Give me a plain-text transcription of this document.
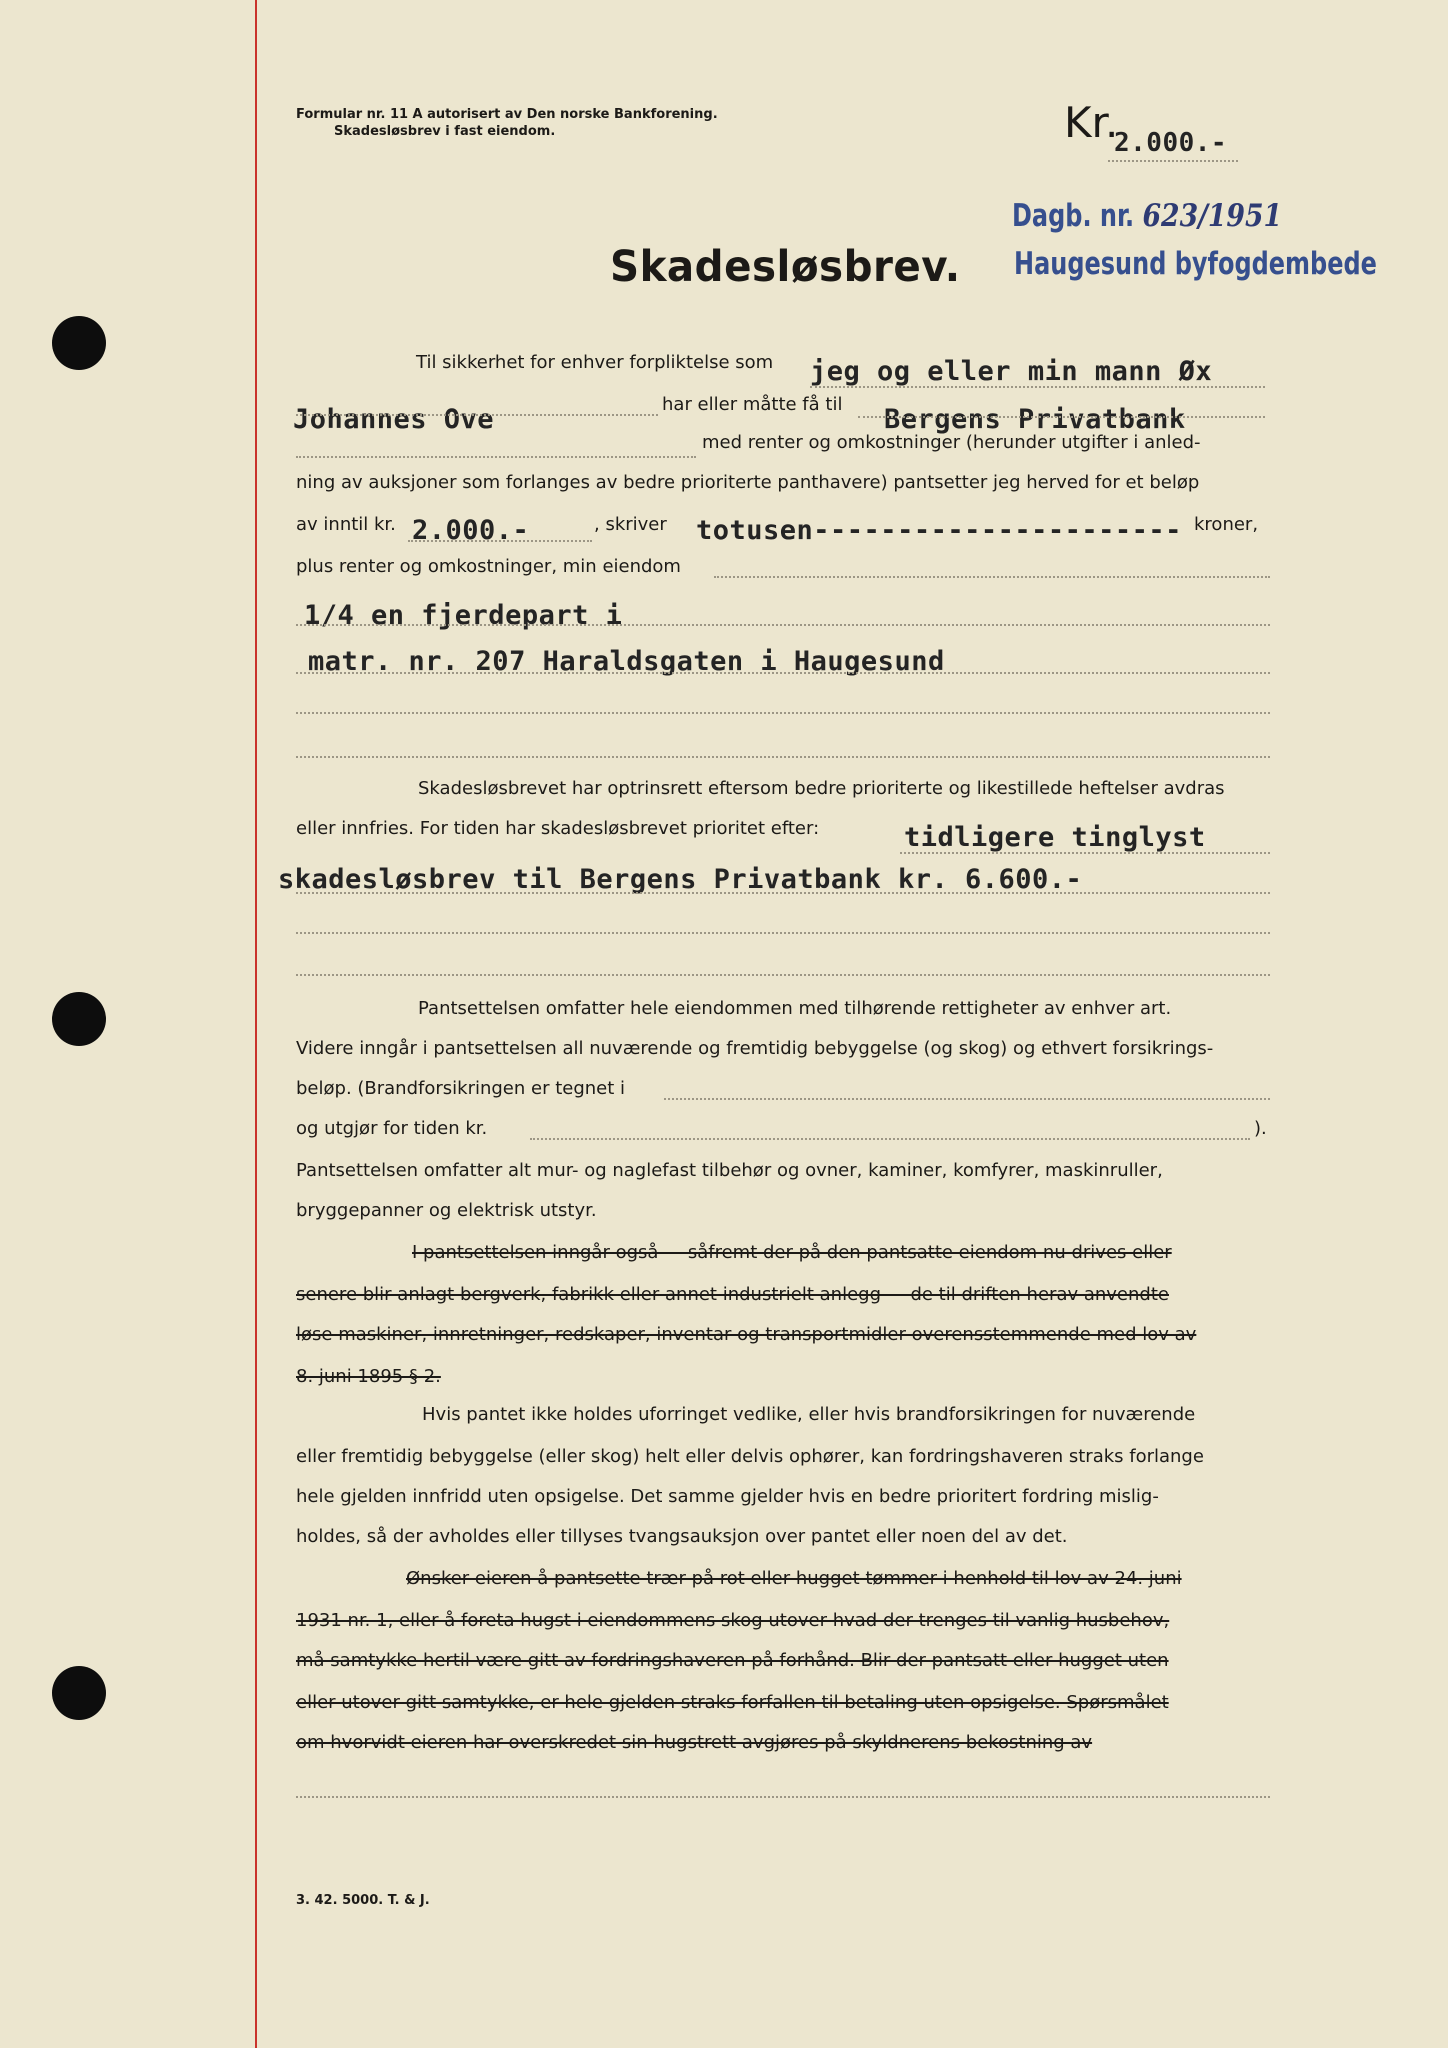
Formular nr. 11 A autorisert av Den norske Bankforening.
Skadesløsbrev i fast eiendom.	Kr.
2.000.-
Dagb. nr. 623/1951
Haugesund byfogdembede
Skadesløsbrev.
Til sikkerhet for enhver forpliktelse som jeg og eller min mann Øx
Johannes Ove	har eller måtte få til Bergens Privatbank
med renter og omkostninger (herunder utgifter i anled-
ning av auksjoner som forlanges av bedre prioriterte panthavere) pantsetter jeg herved for et beløp
av inntil kr. 2.000.-	, skriver totusen---------------------- kroner,
plus renter og omkostninger, min eiendom
1/4 en fjerdepart i
matr. nr. 207 Haraldsgaten i Haugesund
Skadesløsbrevet har optrinsrett eftersom bedre prioriterte og likestillede heftelser avdras
eller innfries. For tiden har skadesløsbrevet prioritet efter:	tidligere tinglyst
skadesløsbrev til Bergens Privatbank kr. 6.600.-
Pantsettelsen omfatter hele eiendommen med tilhørende rettigheter av enhver art.
Videre inngår i pantsettelsen all nuværende og fremtidig bebyggelse (og skog) og ethvert forsikrings-
beløp. (Brandforsikringen er tegnet i
og utgjør for tiden kr.	).
Pantsettelsen omfatter alt mur- og naglefast tilbehør og ovner, kaminer, komfyrer, maskinruller,
bryggepanner og elektrisk utstyr.
I pantsettelsen inngår også — såfremt der på den pantsatte eiendom nu drives eller
senere blir anlagt bergverk, fabrikk eller annet industrielt anlegg — de til driften herav anvendte
løse maskiner, innretninger, redskaper, inventar og transportmidler overensstemmende med lov av
8. juni 1895 § 2.
Hvis pantet ikke holdes uforringet vedlike, eller hvis brandforsikringen for nuværende
eller fremtidig bebyggelse (eller skog) helt eller delvis ophører, kan fordringshaveren straks forlange
hele gjelden innfridd uten opsigelse. Det samme gjelder hvis en bedre prioritert fordring mislig-
holdes, så der avholdes eller tillyses tvangsauksjon over pantet eller noen del av det.
Ønsker eieren å pantsette trær på rot eller hugget tømmer i henhold til lov av 24. juni
1931 nr. 1, eller å foreta hugst i eiendommens skog utover hvad der trenges til vanlig husbehov,
må samtykke hertil være gitt av fordringshaveren på forhånd. Blir der pantsatt eller hugget uten
eller utover gitt samtykke, er hele gjelden straks forfallen til betaling uten opsigelse. Spørsmålet
om hvorvidt eieren har overskredet sin hugstrett avgjøres på skyldnerens bekostning av
3. 42. 5000. T. & J.
